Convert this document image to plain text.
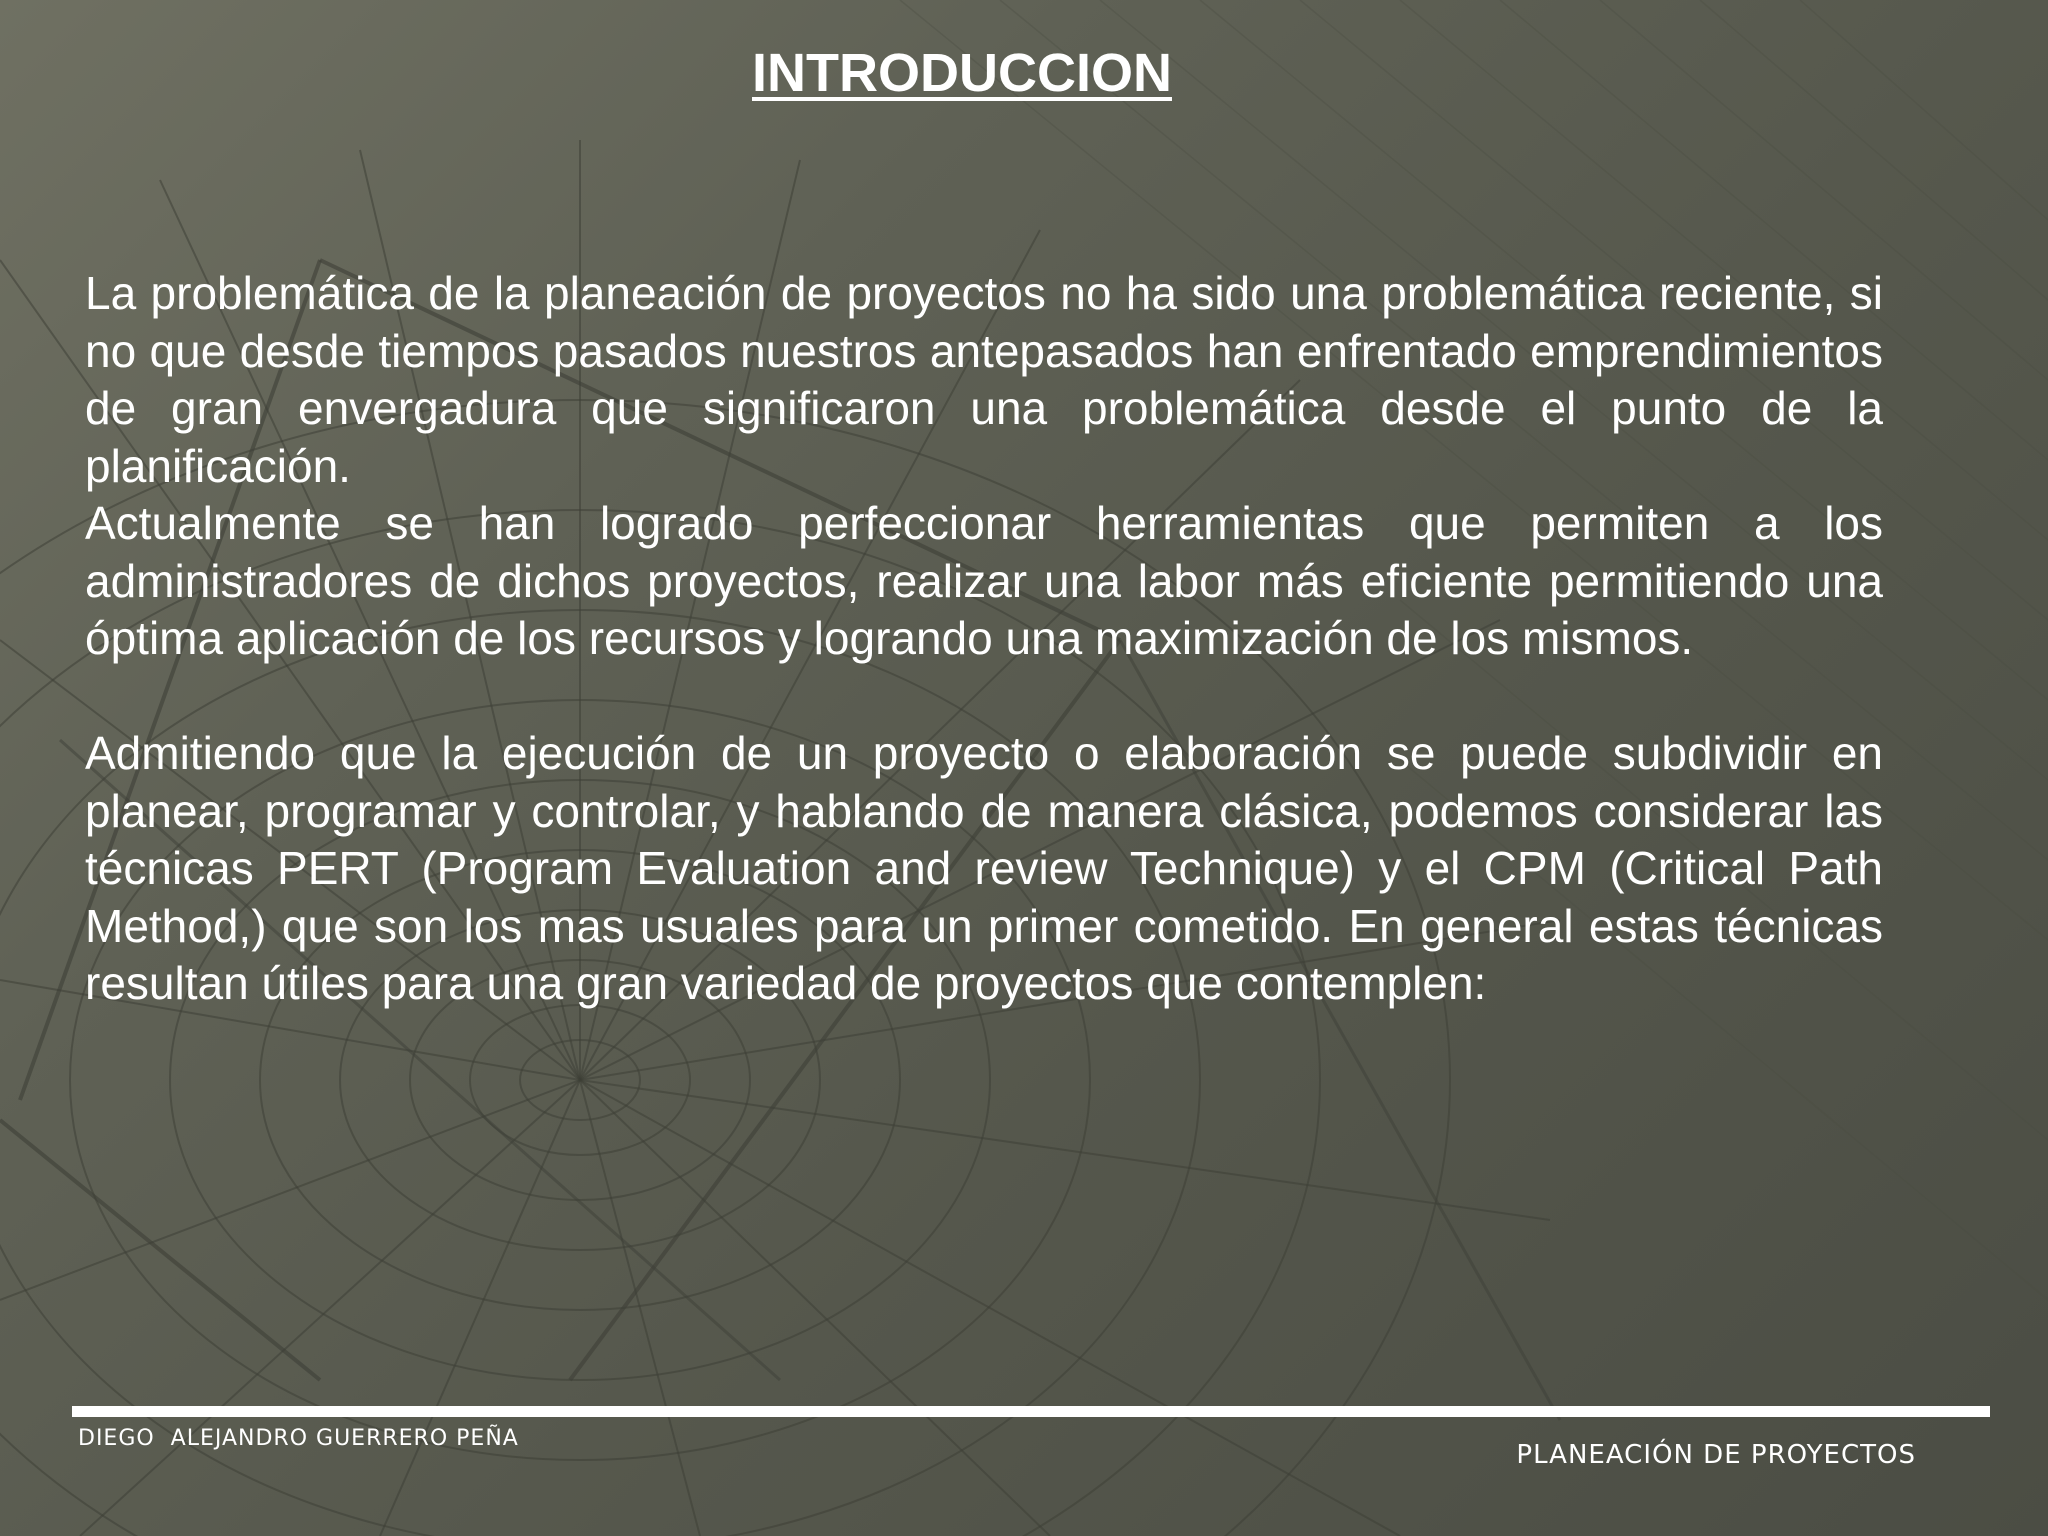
INTRODUCCION

La problemática de la planeación de proyectos no ha sido una problemática reciente, si no que desde tiempos pasados nuestros antepasados han enfrentado emprendimientos de gran envergadura que significaron una problemática desde el punto de la planificación.

Actualmente se han logrado perfeccionar herramientas que permiten a los administradores de dichos proyectos, realizar una labor más eficiente permitiendo una óptima aplicación de los recursos y logrando una maximización de los mismos.

Admitiendo que la ejecución de un proyecto o elaboración se puede subdividir en planear, programar y controlar, y hablando de manera clásica, podemos considerar las técnicas PERT (Program Evaluation and review Technique) y el CPM (Critical Path Method,) que son los mas usuales para un primer cometido. En general estas técnicas resultan útiles para una gran variedad de proyectos que contemplen:

DIEGO  ALEJANDRO GUERRERO PEÑA
PLANEACIÓN DE PROYECTOS
